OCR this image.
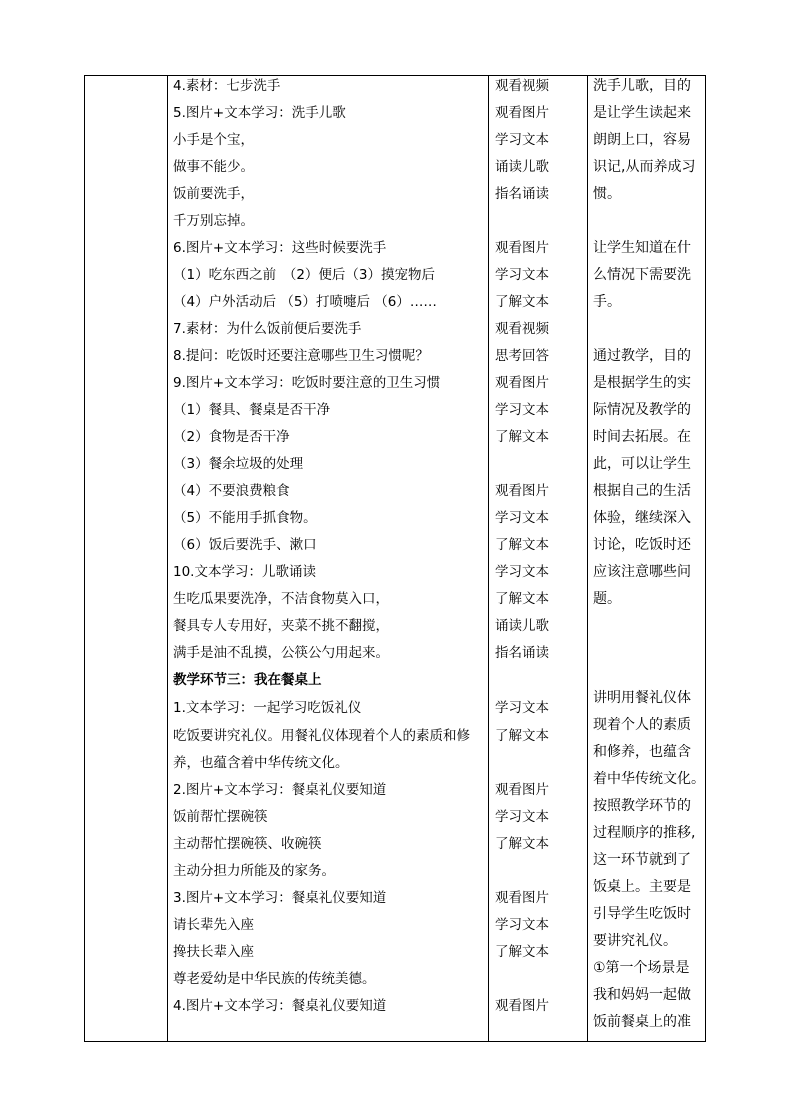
4.素材：七步洗手
5.图片+文本学习：洗手儿歌
小手是个宝，
做事不能少。
饭前要洗手，
千万别忘掉。
6.图片+文本学习：这些时候要洗手
（1）吃东西之前　（2）便后（3）摸宠物后
（4）户外活动后 （5）打喷嚏后 （6）……
7.素材：为什么饭前便后要洗手
8.提问：吃饭时还要注意哪些卫生习惯呢？
9.图片+文本学习：吃饭时要注意的卫生习惯
（1）餐具、餐桌是否干净
（2）食物是否干净
（3）餐余垃圾的处理
（4）不要浪费粮食
（5）不能用手抓食物。
（6）饭后要洗手、漱口
10.文本学习：儿歌诵读
生吃瓜果要洗净，不洁食物莫入口，
餐具专人专用好，夹菜不挑不翻搅，
满手是油不乱摸，公筷公勺用起来。
教学环节三：我在餐桌上
1.文本学习：一起学习吃饭礼仪
吃饭要讲究礼仪。用餐礼仪体现着个人的素质和修
养，也蕴含着中华传统文化。
2.图片+文本学习：餐桌礼仪要知道
饭前帮忙摆碗筷
主动帮忙摆碗筷、收碗筷
主动分担力所能及的家务。
3.图片+文本学习：餐桌礼仪要知道
请长辈先入座
搀扶长辈入座
尊老爱幼是中华民族的传统美德。
4.图片+文本学习：餐桌礼仪要知道
观看视频
观看图片
学习文本
诵读儿歌
指名诵读
观看图片
学习文本
了解文本
观看视频
思考回答
观看图片
学习文本
了解文本
观看图片
学习文本
了解文本
学习文本
了解文本
诵读儿歌
指名诵读
学习文本
了解文本
观看图片
学习文本
了解文本
观看图片
学习文本
了解文本
观看图片
洗手儿歌，目的
是让学生读起来
朗朗上口，容易
识记,从而养成习
惯。
让学生知道在什
么情况下需要洗
手。
通过教学，目的
是根据学生的实
际情况及教学的
时间去拓展。在
此，可以让学生
根据自己的生活
体验，继续深入
讨论，吃饭时还
应该注意哪些问
题。
讲明用餐礼仪体
现着个人的素质
和修养，也蕴含
着中华传统文化。
按照教学环节的
过程顺序的推移,
这一环节就到了
饭桌上。主要是
引导学生吃饭时
要讲究礼仪。
①第一个场景是
我和妈妈一起做
饭前餐桌上的准
